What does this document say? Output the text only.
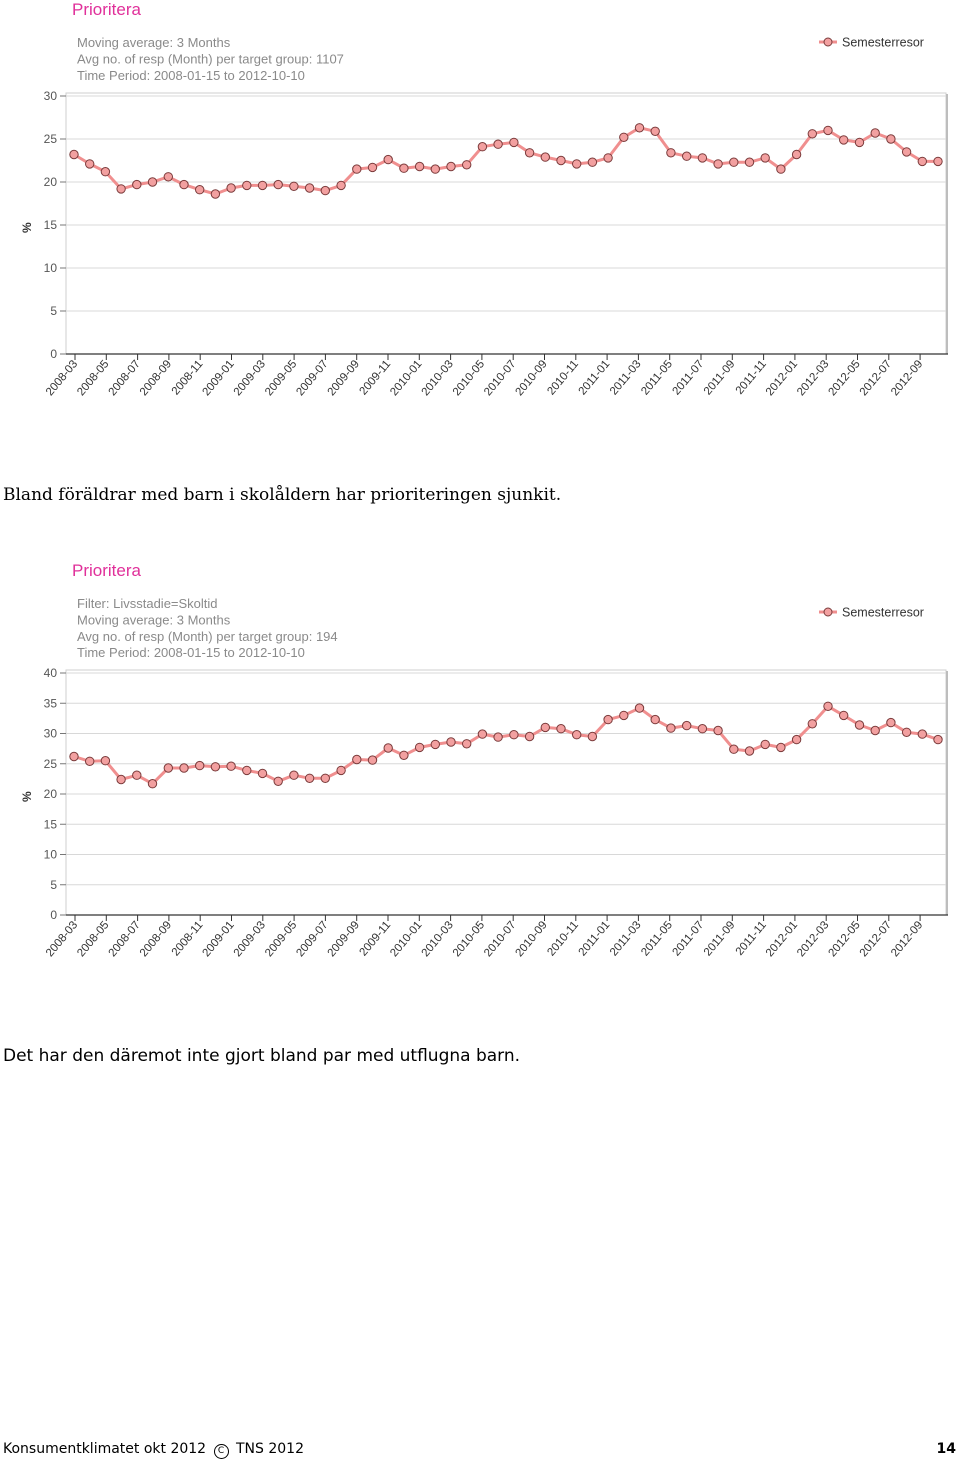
Prioritera
Moving average: 3 Months
Avg no. of resp (Month) per target group: 1107
Time Period: 2008-01-15 to 2012-10-10
Semesterresor
0
5
10
15
20
25
30
%
2008-03
2008-05
2008-07
2008-09
2008-11
2009-01
2009-03
2009-05
2009-07
2009-09
2009-11
2010-01
2010-03
2010-05
2010-07
2010-09
2010-11
2011-01
2011-03
2011-05
2011-07
2011-09
2011-11
2012-01
2012-03
2012-05
2012-07
2012-09
Bland föräldrar med barn i skolåldern har prioriteringen sjunkit.
Prioritera
Filter: Livsstadie=Skoltid
Moving average: 3 Months
Avg no. of resp (Month) per target group: 194
Time Period: 2008-01-15 to 2012-10-10
Semesterresor
0
5
10
15
20
25
30
35
40
%
2008-03
2008-05
2008-07
2008-09
2008-11
2009-01
2009-03
2009-05
2009-07
2009-09
2009-11
2010-01
2010-03
2010-05
2010-07
2010-09
2010-11
2011-01
2011-03
2011-05
2011-07
2011-09
2011-11
2012-01
2012-03
2012-05
2012-07
2012-09
Det har den däremot inte gjort bland par med utflugna barn.
Konsumentklimatet okt 2012 C TNS 2012	14
